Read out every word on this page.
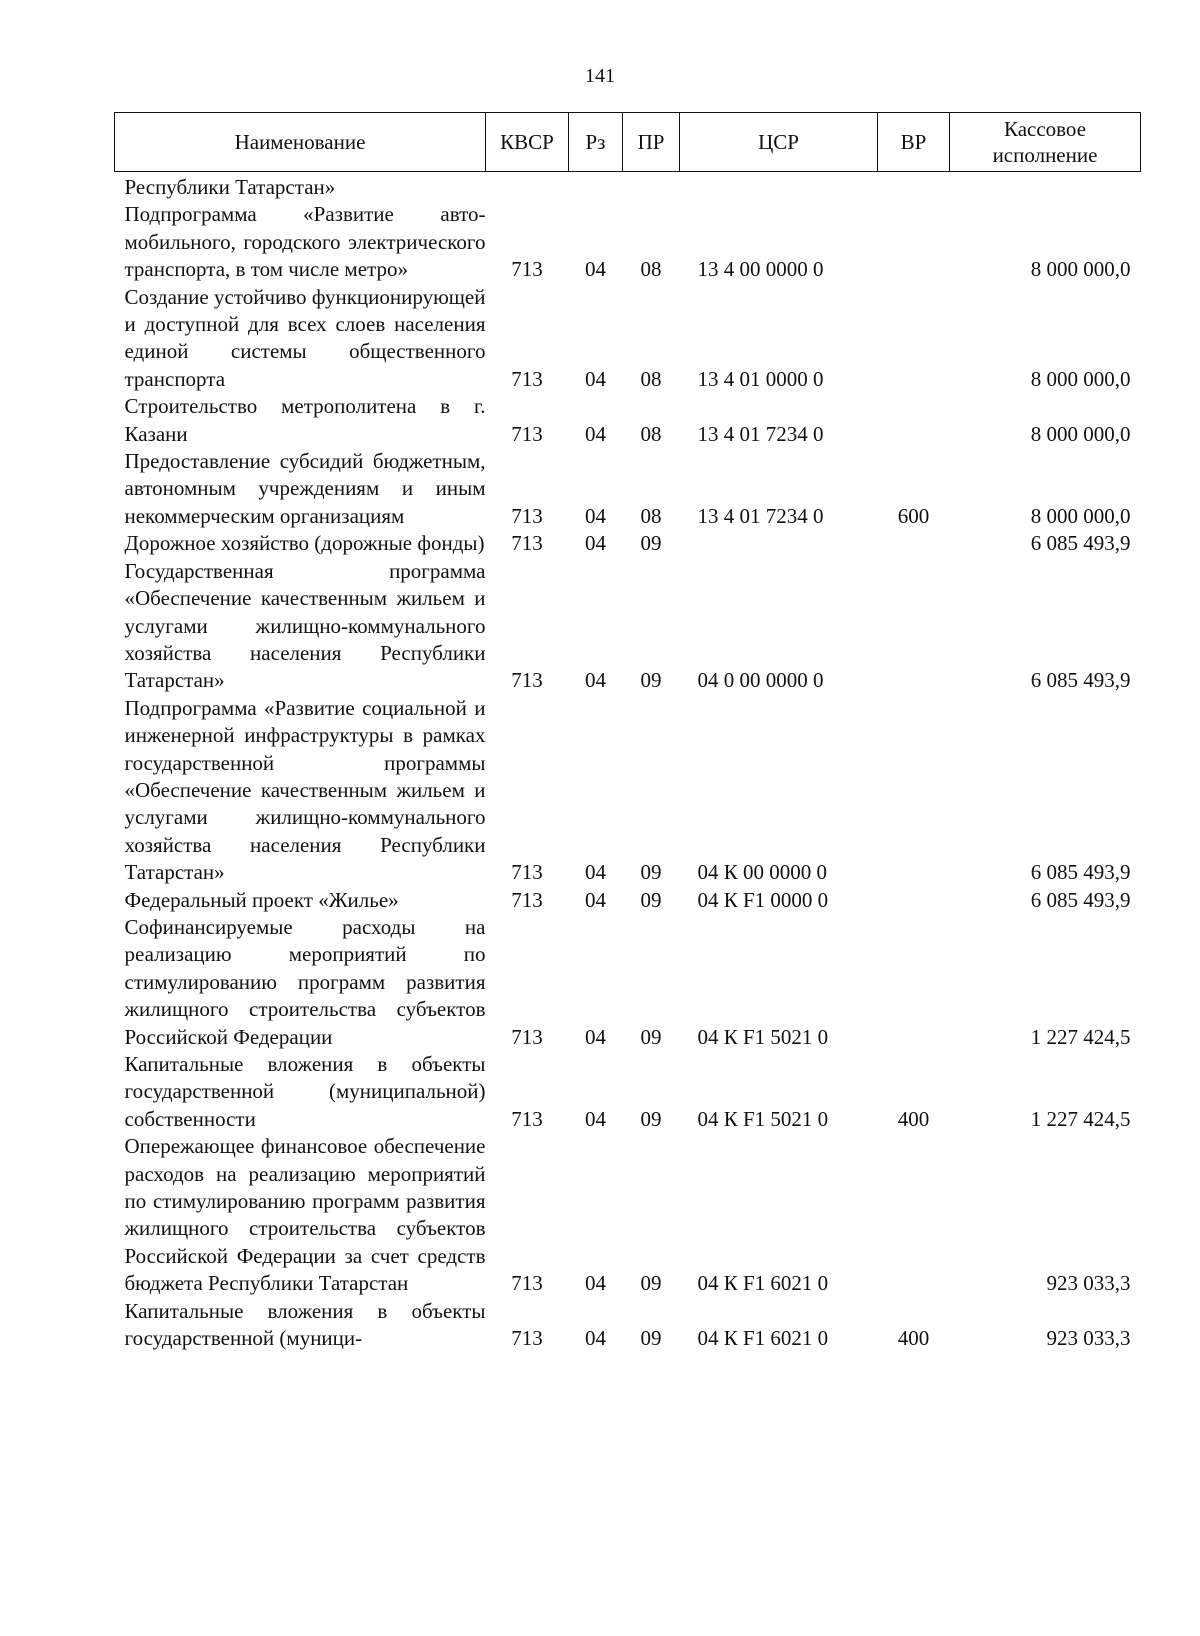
141
Наименование	КВСР	Рз	ПР	ЦСР	ВР	Кассовое исполнение
Республики Татарстан»						
Подпрограмма «Развитие автомобильного, городского электрического транспорта, в том числе метро»	713	04	08	13 4 00 0000 0		8 000 000,0
Создание устойчиво функционирующей и доступной для всех слоев населения единой системы общественного транспорта	713	04	08	13 4 01 0000 0		8 000 000,0
Строительство метрополитена в г. Казани	713	04	08	13 4 01 7234 0		8 000 000,0
Предоставление субсидий бюджетным, автономным учреждениям и иным некоммерческим организациям	713	04	08	13 4 01 7234 0	600	8 000 000,0
Дорожное хозяйство (дорожные фонды)	713	04	09			6 085 493,9
Государственная программа «Обеспечение качественным жильем и услугами жилищно-коммунального хозяйства населения Республики Татарстан»	713	04	09	04 0 00 0000 0		6 085 493,9
Подпрограмма «Развитие социальной и инженерной инфраструктуры в рамках государственной программы «Обеспечение качественным жильем и услугами жилищно-коммунального хозяйства населения Республики Татарстан»	713	04	09	04 К 00 0000 0		6 085 493,9
Федеральный проект «Жилье»	713	04	09	04 К F1 0000 0		6 085 493,9
Софинансируемые расходы на реализацию мероприятий по стимулированию программ развития жилищного строительства субъектов Российской Федерации	713	04	09	04 К F1 5021 0		1 227 424,5
Капитальные вложения в объекты государственной (муниципальной) собственности	713	04	09	04 К F1 5021 0	400	1 227 424,5
Опережающее финансовое обеспечение расходов на реализацию мероприятий по стимулированию программ развития жилищного строительства субъектов Российской Федерации за счет средств бюджета Республики Татарстан	713	04	09	04 К F1 6021 0		923 033,3
Капитальные вложения в объекты государственной (муници-	713	04	09	04 К F1 6021 0	400	923 033,3
